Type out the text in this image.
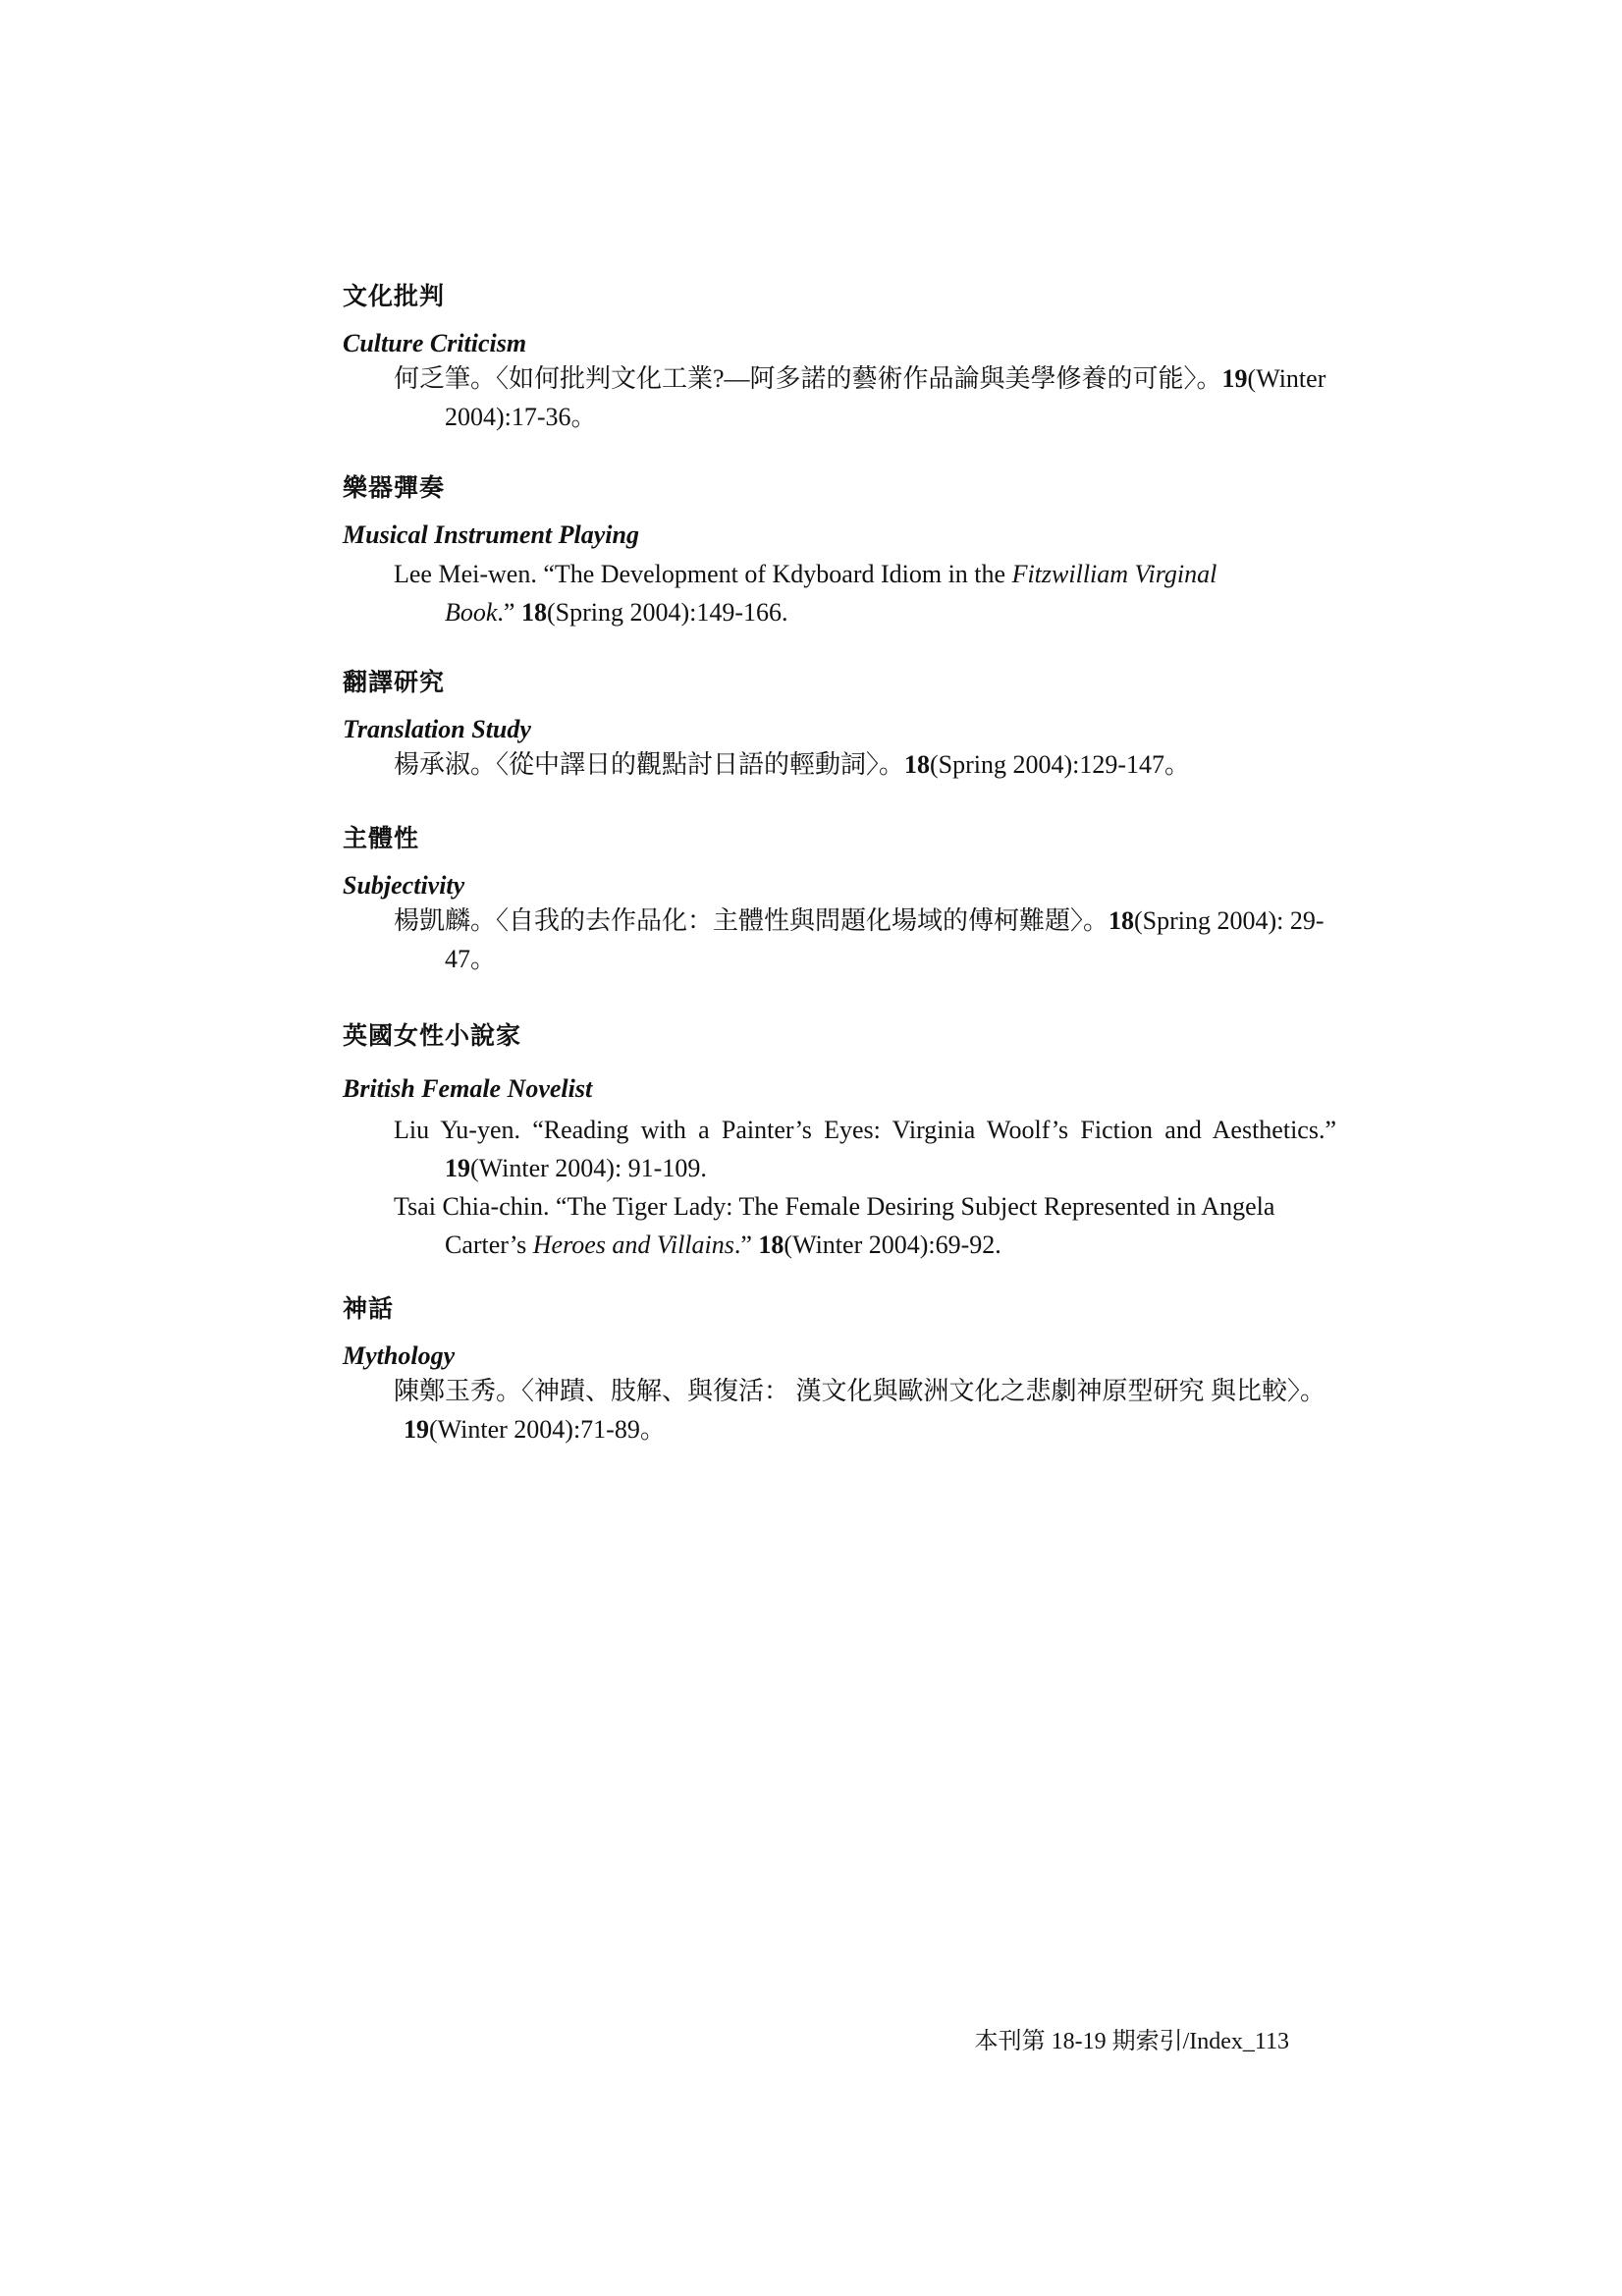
文化批判

Culture Criticism

何乏筆。〈如何批判文化工業?—阿多諾的藝術作品論與美學修養的可能〉。19(Winter 2004):17-36。

樂器彈奏

Musical Instrument Playing

Lee Mei-wen. “The Development of Kdyboard Idiom in the Fitzwilliam Virginal Book.” 18(Spring 2004):149-166.

翻譯研究

Translation Study

楊承淑。〈從中譯日的觀點討日語的輕動詞〉。18(Spring 2004):129-147。

主體性

Subjectivity

楊凱麟。〈自我的去作品化：主體性與問題化場域的傅柯難題〉。18(Spring 2004): 29-47。

英國女性小說家

British Female Novelist

Liu Yu-yen. “Reading with a Painter’s Eyes: Virginia Woolf’s Fiction and Aesthetics.” 19(Winter 2004): 91-109.

Tsai Chia-chin. “The Tiger Lady: The Female Desiring Subject Represented in Angela Carter’s Heroes and Villains.” 18(Winter 2004):69-92.

神話

Mythology

陳鄭玉秀。〈神蹟、肢解、與復活： 漢文化與歐洲文化之悲劇神原型研究 與比較〉。19(Winter 2004):71-89。

本刊第 18-19 期索引/Index_113
